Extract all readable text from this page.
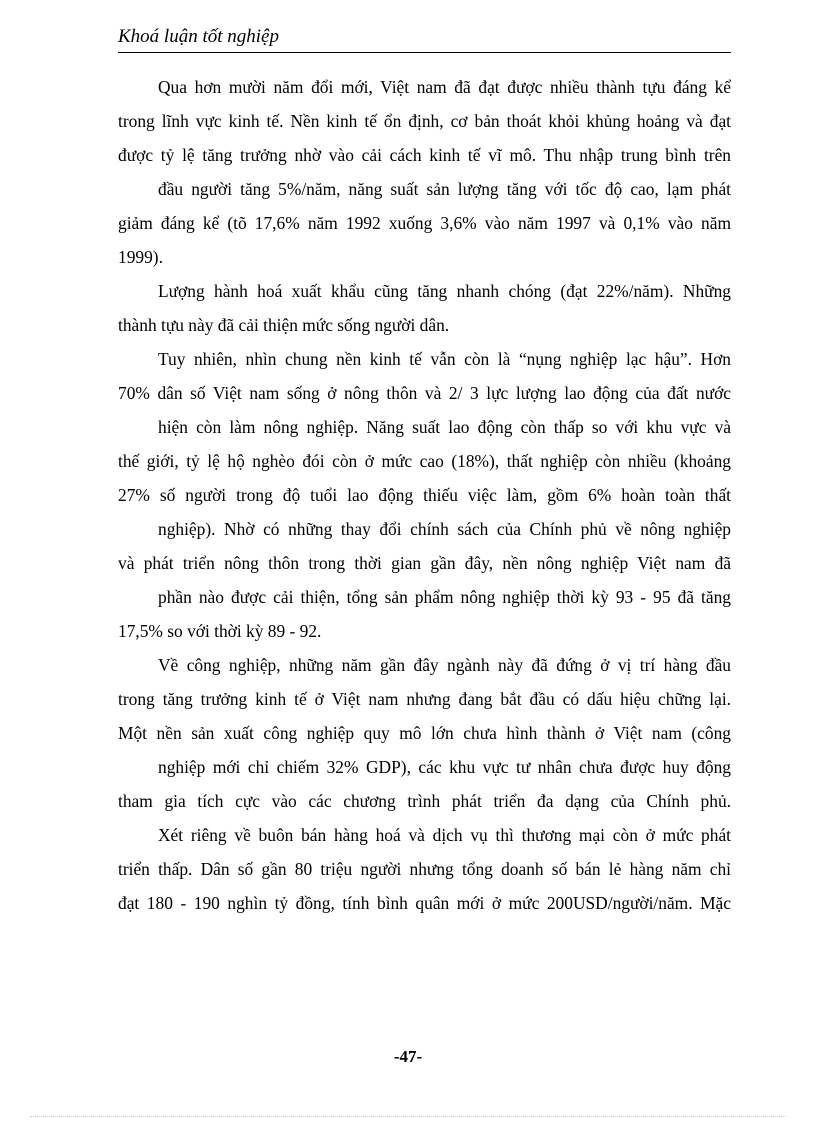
Khoá luận tốt nghiệp
Qua hơn mười năm đổi mới, Việt nam đã đạt được nhiều thành tựu đáng kể
trong lĩnh vực kinh tế. Nền kinh tế ổn định, cơ bản thoát khỏi khủng hoảng và đạt
được tỷ lệ tăng trưởng nhờ vào cải cách kinh tế vĩ mô. Thu nhập trung bình trên
đầu người tăng 5%/năm, năng suất sản lượng tăng với tốc độ cao, lạm phát
giảm đáng kể (tõ 17,6% năm 1992 xuống 3,6% vào năm 1997 và 0,1% vào năm
1999).
Lượng hành hoá xuất khẩu cũng tăng nhanh chóng (đạt 22%/năm). Những
thành tựu này đã cải thiện mức sống người dân.
Tuy nhiên, nhìn chung nền kinh tế vẫn còn là “nụng nghiệp lạc hậu”. Hơn
70% dân số Việt nam sống ở nông thôn và 2/ 3 lực lượng lao động của đất nước
hiện còn làm nông nghiệp. Năng suất lao động còn thấp so với khu vực và
thế giới, tỷ lệ hộ nghèo đói còn ở mức cao (18%), thất nghiệp còn nhiều (khoảng
27% số người trong độ tuổi lao động thiếu việc làm, gồm 6% hoàn toàn thất
nghiệp). Nhờ có những thay đổi chính sách của Chính phủ về nông nghiệp
và phát triển nông thôn trong thời gian gần đây, nền nông nghiệp Việt nam đã
phần nào được cải thiện, tổng sản phẩm nông nghiệp thời kỳ 93 - 95 đã tăng
17,5% so với thời kỳ 89 - 92.
Về công nghiệp, những năm gần đây ngành này đã đứng ở vị trí hàng đầu
trong tăng trưởng kinh tế ở Việt nam nhưng đang bắt đầu có dấu hiệu chững lại.
Một nền sản xuất công nghiệp quy mô lớn chưa hình thành ở Việt nam (công
nghiệp mới chỉ chiếm 32% GDP), các khu vực tư nhân chưa được huy động
tham gia tích cực vào các chương trình phát triển đa dạng của Chính phủ.
Xét riêng về buôn bán hàng hoá và dịch vụ thì thương mại còn ở mức phát
triển thấp. Dân số gần 80 triệu người nhưng tổng doanh số bán lẻ hàng năm chỉ
đạt 180 - 190 nghìn tỷ đồng, tính bình quân mới ở mức 200USD/người/năm. Mặc
-47-
